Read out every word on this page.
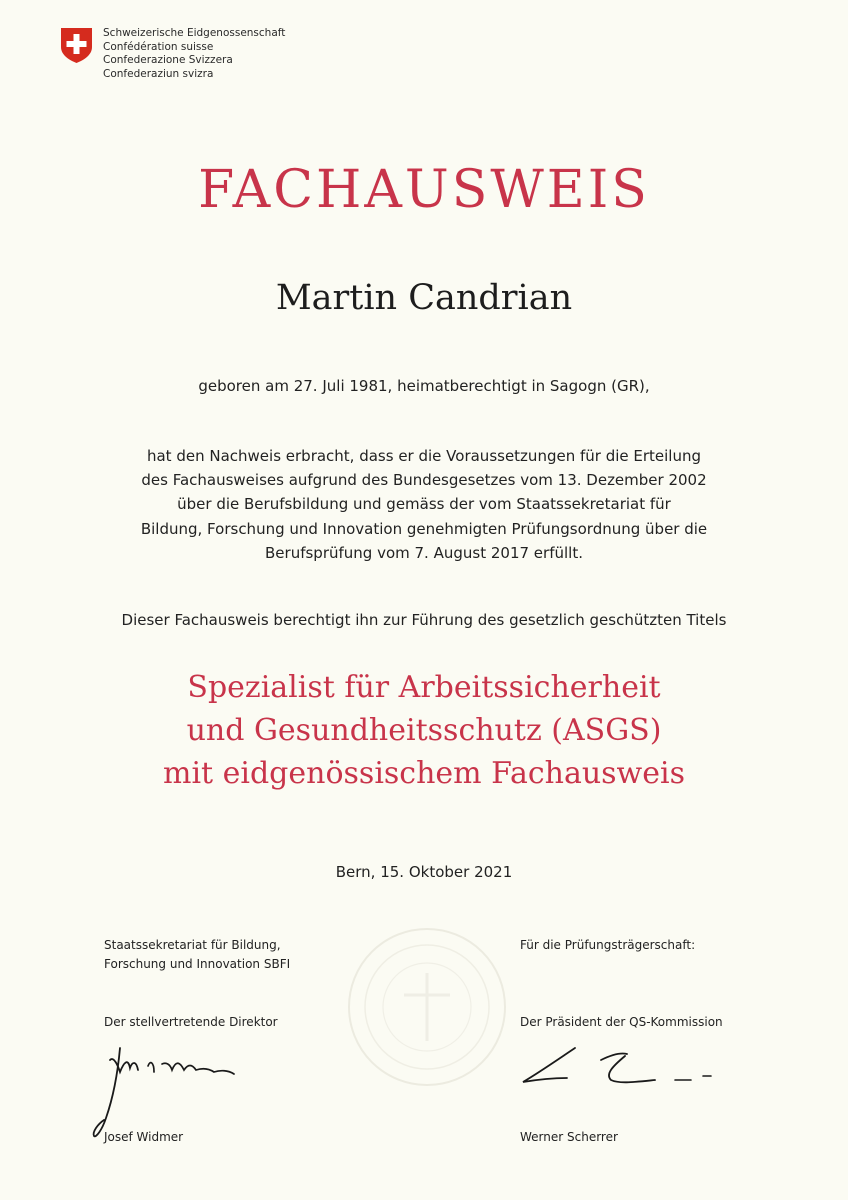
Schweizerische Eidgenossenschaft
Confédération suisse
Confederazione Svizzera
Confederaziun svizra
FACHAUSWEIS
Martin Candrian
geboren am 27. Juli 1981, heimatberechtigt in Sagogn (GR),
hat den Nachweis erbracht, dass er die Voraussetzungen für die Erteilung
des Fachausweises aufgrund des Bundesgesetzes vom 13. Dezember 2002
über die Berufsbildung und gemäss der vom Staatssekretariat für
Bildung, Forschung und Innovation genehmigten Prüfungsordnung über die
Berufsprüfung vom 7. August 2017 erfüllt.
Dieser Fachausweis berechtigt ihn zur Führung des gesetzlich geschützten Titels
Spezialist für Arbeitssicherheit
und Gesundheitsschutz (ASGS)
mit eidgenössischem Fachausweis
Bern, 15. Oktober 2021
Staatssekretariat für Bildung,
Forschung und Innovation SBFI
Der stellvertretende Direktor
Josef Widmer
Für die Prüfungsträgerschaft:
Der Präsident der QS-Kommission
Werner Scherrer
